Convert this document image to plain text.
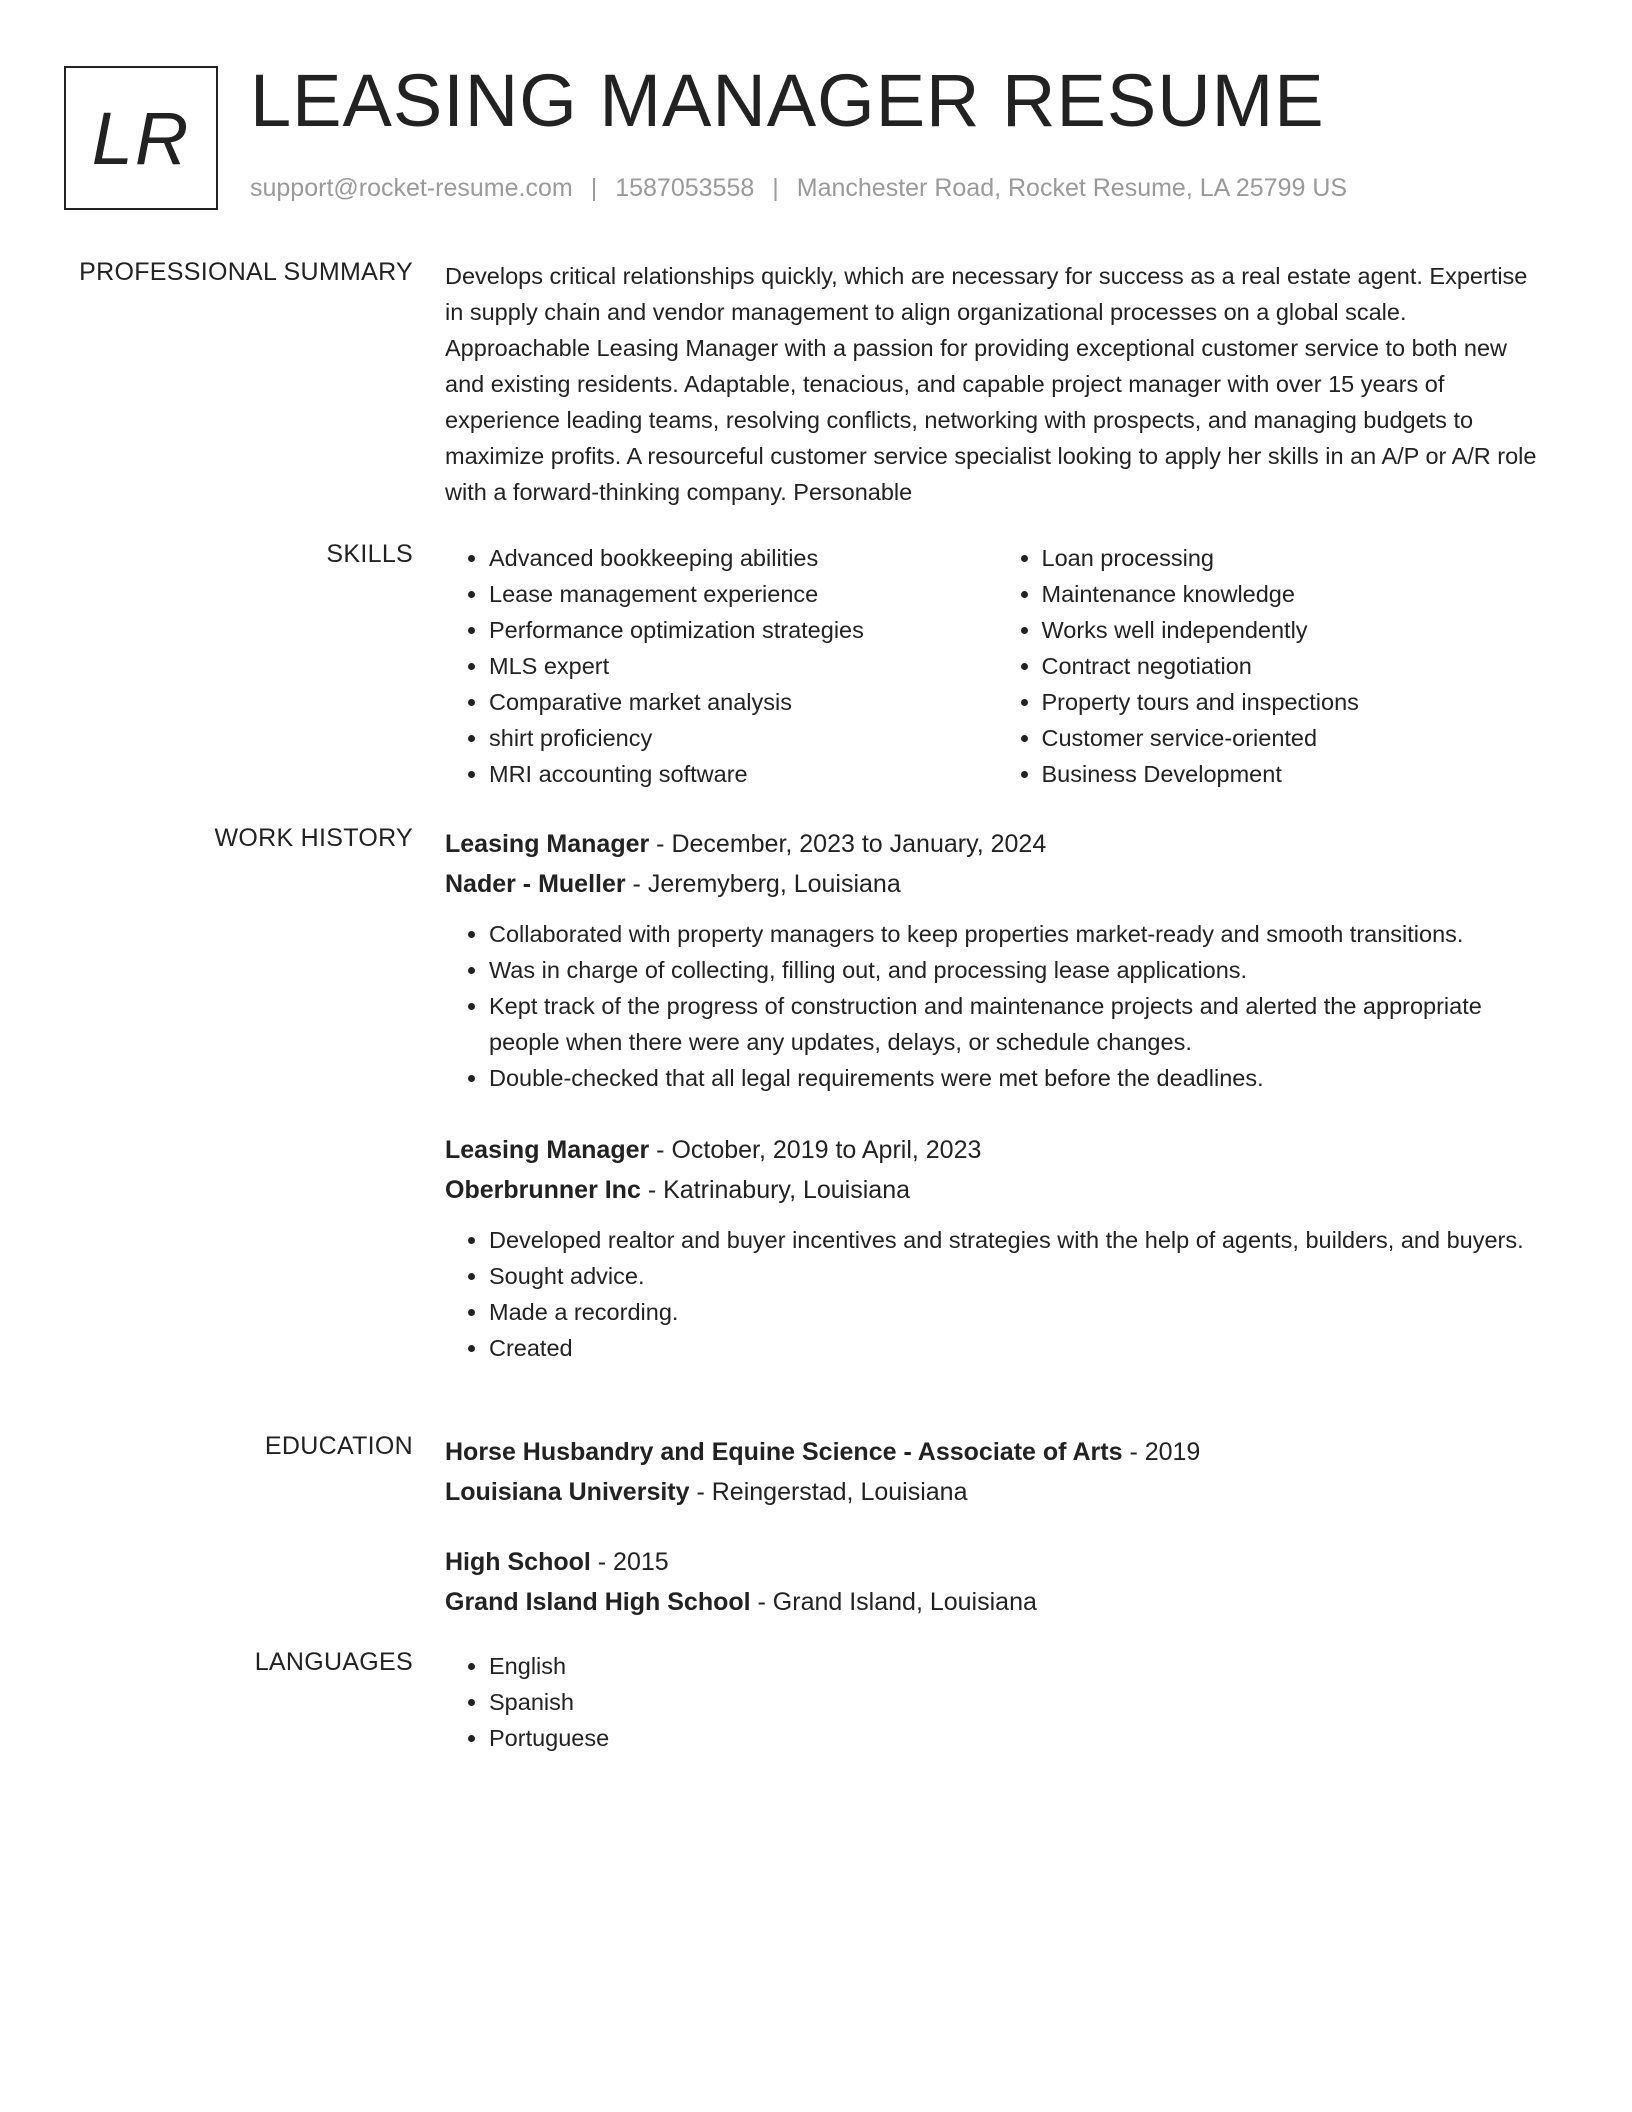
LR LEASING MANAGER RESUME
support@rocket-resume.com | 1587053558 | Manchester Road, Rocket Resume, LA 25799 US
PROFESSIONAL SUMMARY Develops critical relationships quickly, which are necessary for success as a real estate agent. Expertise in supply chain and vendor management to align organizational processes on a global scale. Approachable Leasing Manager with a passion for providing exceptional customer service to both new and existing residents. Adaptable, tenacious, and capable project manager with over 15 years of experience leading teams, resolving conflicts, networking with prospects, and managing budgets to maximize profits. A resourceful customer service specialist looking to apply her skills in an A/P or A/R role with a forward-thinking company. Personable

SKILLS	• Advanced bookkeeping abilities
• Lease management experience
• Performance optimization strategies
• MLS expert
• Comparative market analysis
• shirt proficiency
• MRI accounting software
• Loan processing
• Maintenance knowledge
• Works well independently
• Contract negotiation
• Property tours and inspections
• Customer service-oriented
• Business Development
WORK HISTORY Leasing Manager - December, 2023 to January, 2024
Nader - Mueller - Jeremyberg, Louisiana
• Collaborated with property managers to keep properties market-ready and smooth transitions.
• Was in charge of collecting, filling out, and processing lease applications.
• Kept track of the progress of construction and maintenance projects and alerted the appropriate people when there were any updates, delays, or schedule changes.
• Double-checked that all legal requirements were met before the deadlines.
Leasing Manager - October, 2019 to April, 2023
Oberbrunner Inc - Katrinabury, Louisiana
• Developed realtor and buyer incentives and strategies with the help of agents, builders, and buyers.
• Sought advice.
• Made a recording.
• Created
EDUCATION Horse Husbandry and Equine Science - Associate of Arts - 2019
Louisiana University - Reingerstad, Louisiana
High School - 2015
Grand Island High School - Grand Island, Louisiana
LANGUAGES	• English
• Spanish
• Portuguese
